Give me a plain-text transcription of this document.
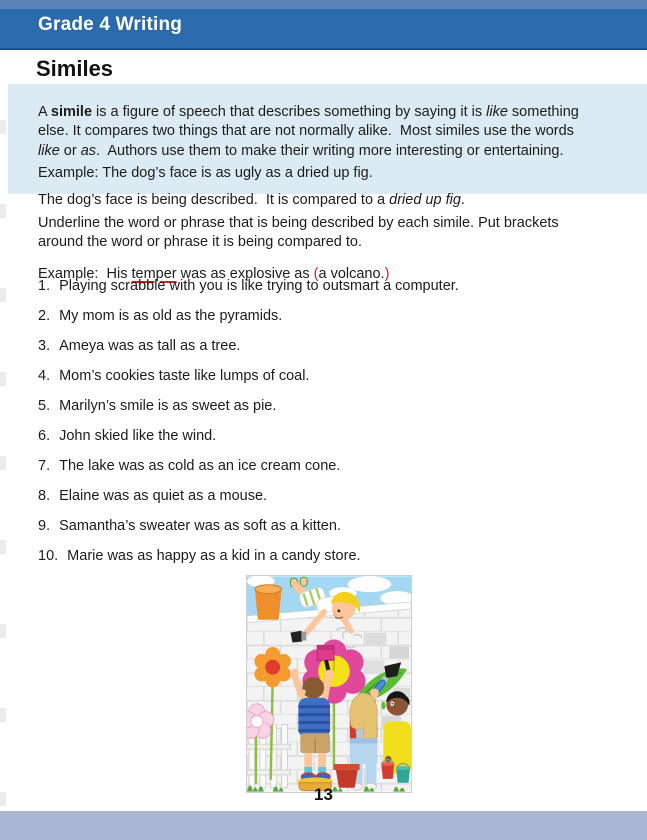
Grade 4 Writing
Similes

A simile is a figure of speech that describes something by saying it is like something
else. It compares two things that are not normally alike.  Most similes use the words
like or as.  Authors use them to make their writing more interesting or entertaining.

Example: The dog’s face is as ugly as a dried up fig.

The dog’s face is being described.  It is compared to a dried up fig.

Underline the word or phrase that is being described by each simile. Put brackets
around the word or phrase it is being compared to.

Example:  His temper was as explosive as (a volcano.)

1. Playing scrabble with you is like trying to outsmart a computer.
2. My mom is as old as the pyramids.
3. Ameya was as tall as a tree.
4. Mom’s cookies taste like lumps of coal.
5. Marilyn’s smile is as sweet as pie.
6. John skied like the wind.
7. The lake was as cold as an ice cream cone.
8. Elaine was as quiet as a mouse.
9. Samantha’s sweater was as soft as a kitten.
10. Marie was as happy as a kid in a candy store.
13
